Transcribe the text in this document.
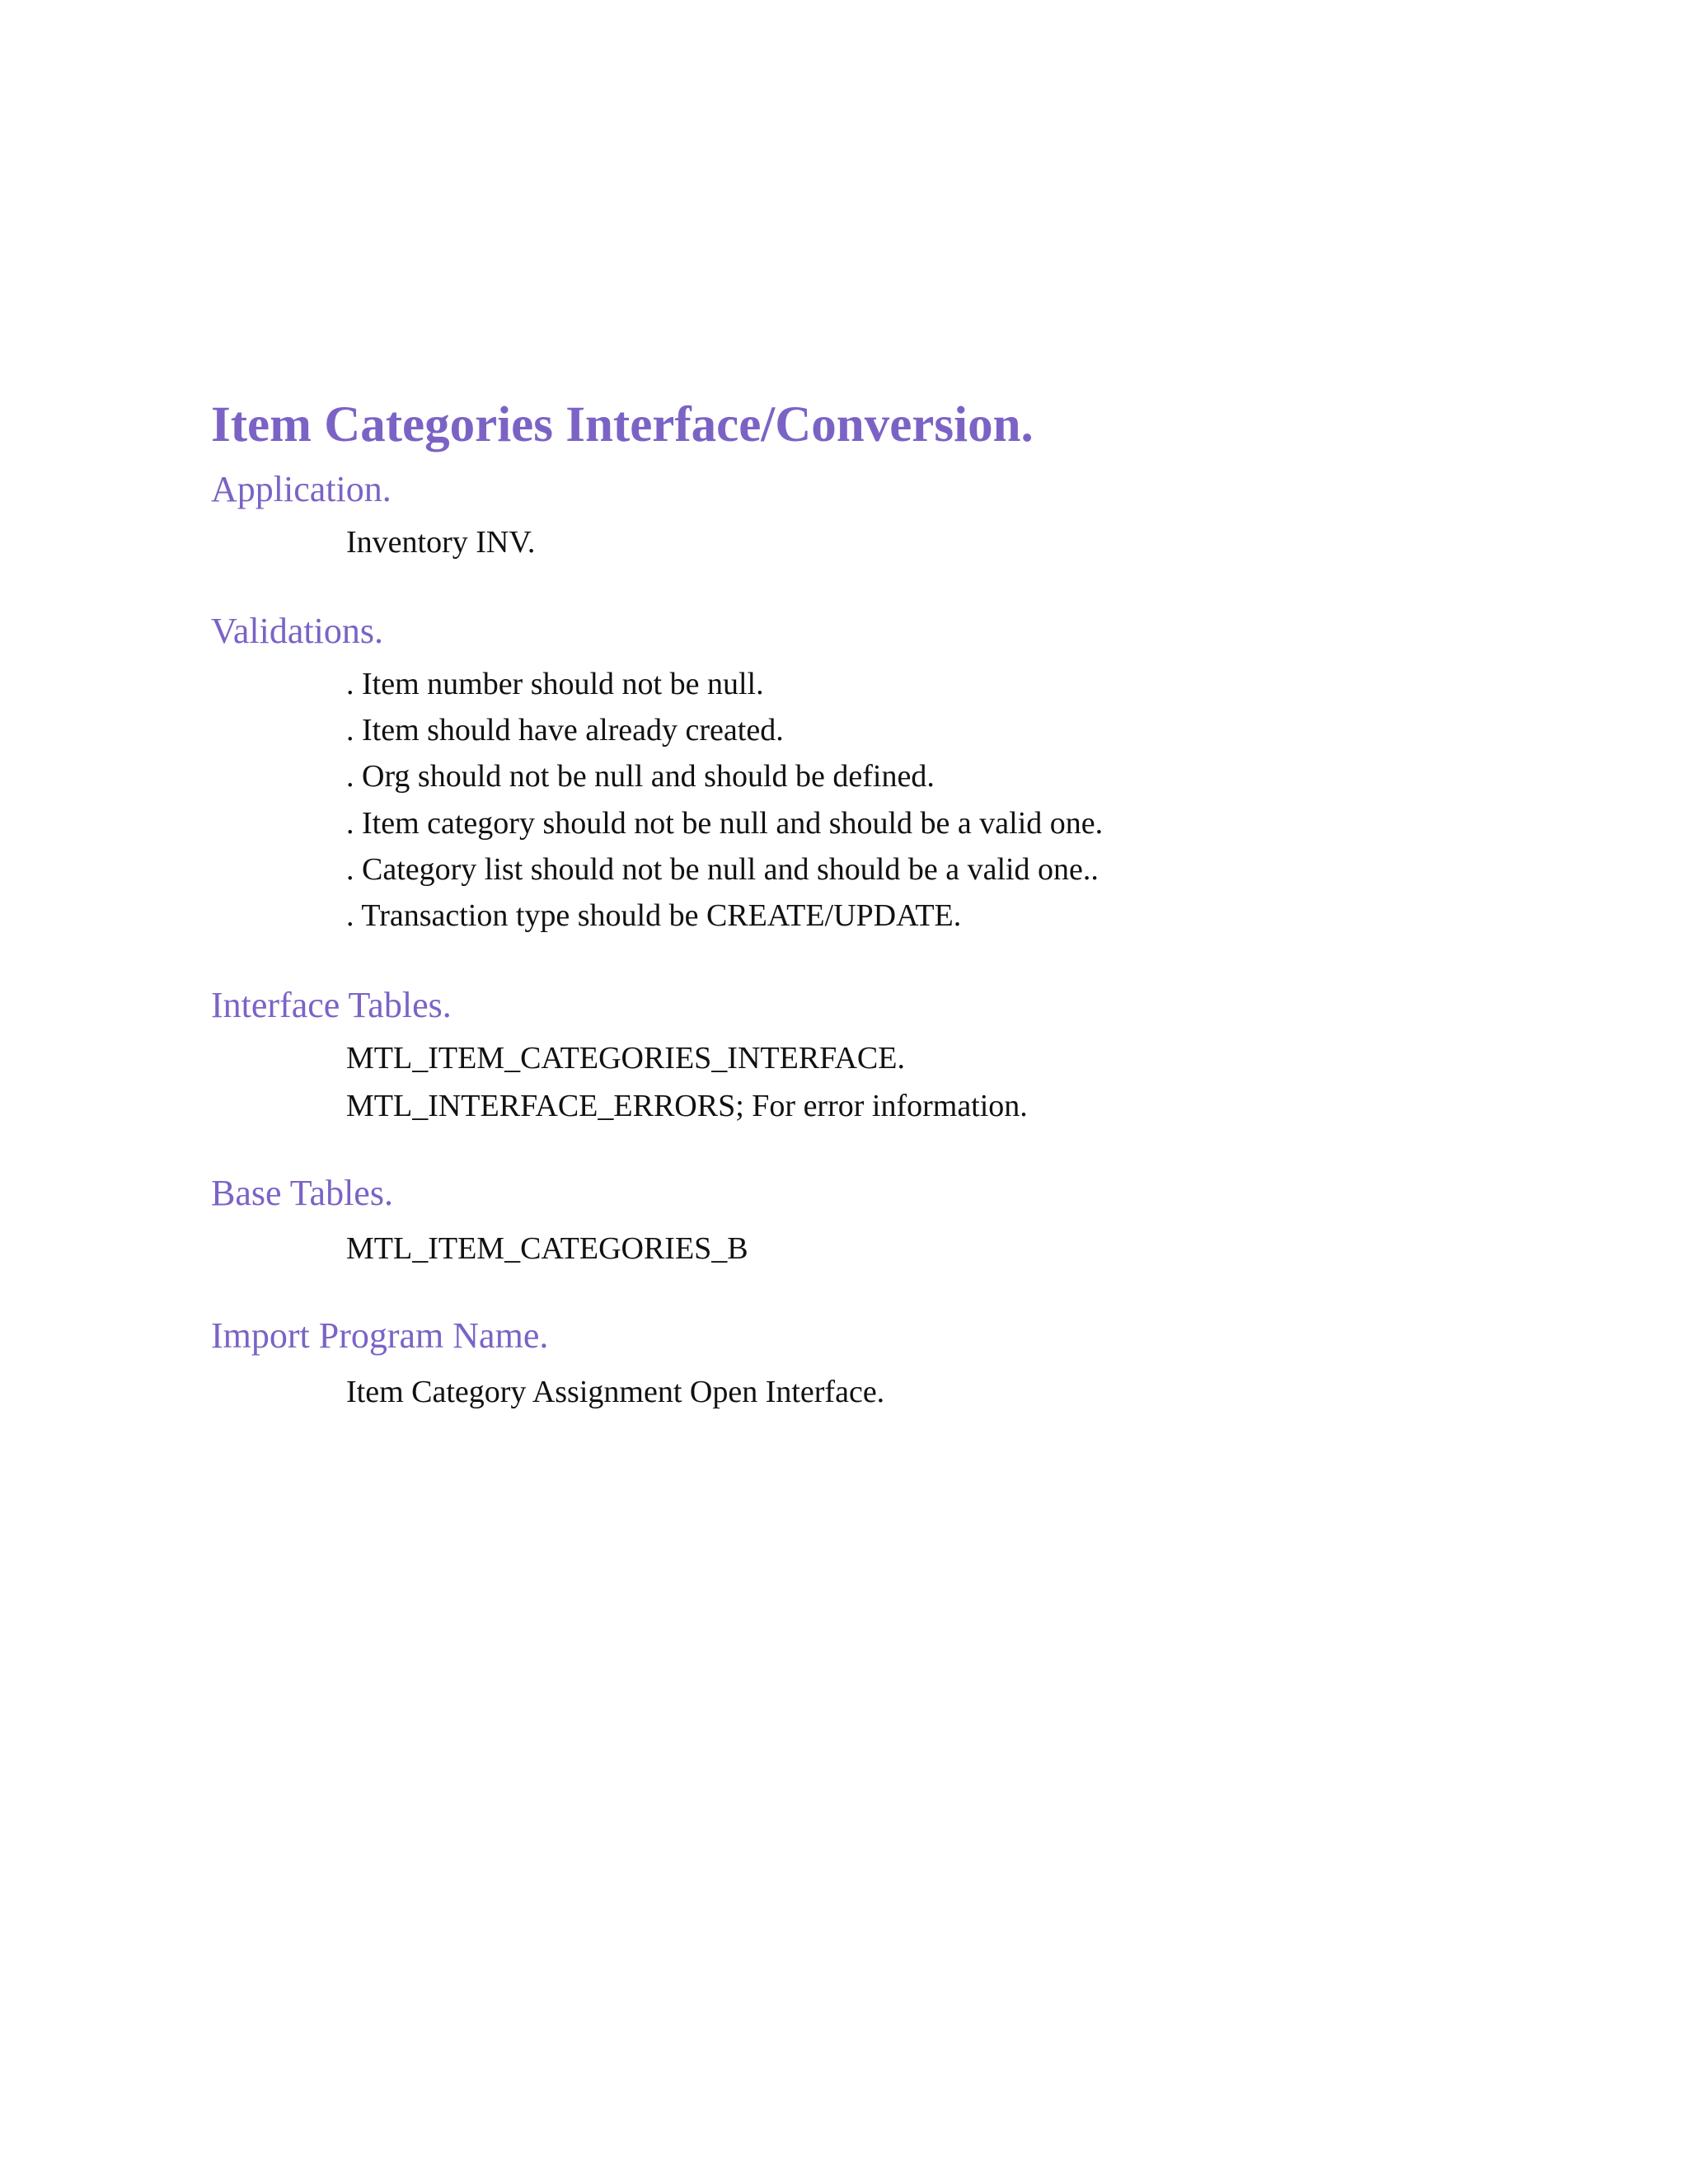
Item Categories Interface/Conversion.
Application.

Inventory INV.

Validations.

. Item number should not be null.

. Item should have already created.

. Org should not be null and should be defined.

. Item category should not be null and should be a valid one.

. Category list should not be null and should be a valid one..

. Transaction type should be CREATE/UPDATE.

Interface Tables.

MTL_ITEM_CATEGORIES_INTERFACE.

MTL_INTERFACE_ERRORS; For error information.

Base Tables.

MTL_ITEM_CATEGORIES_B

Import Program Name.

Item Category Assignment Open Interface.
